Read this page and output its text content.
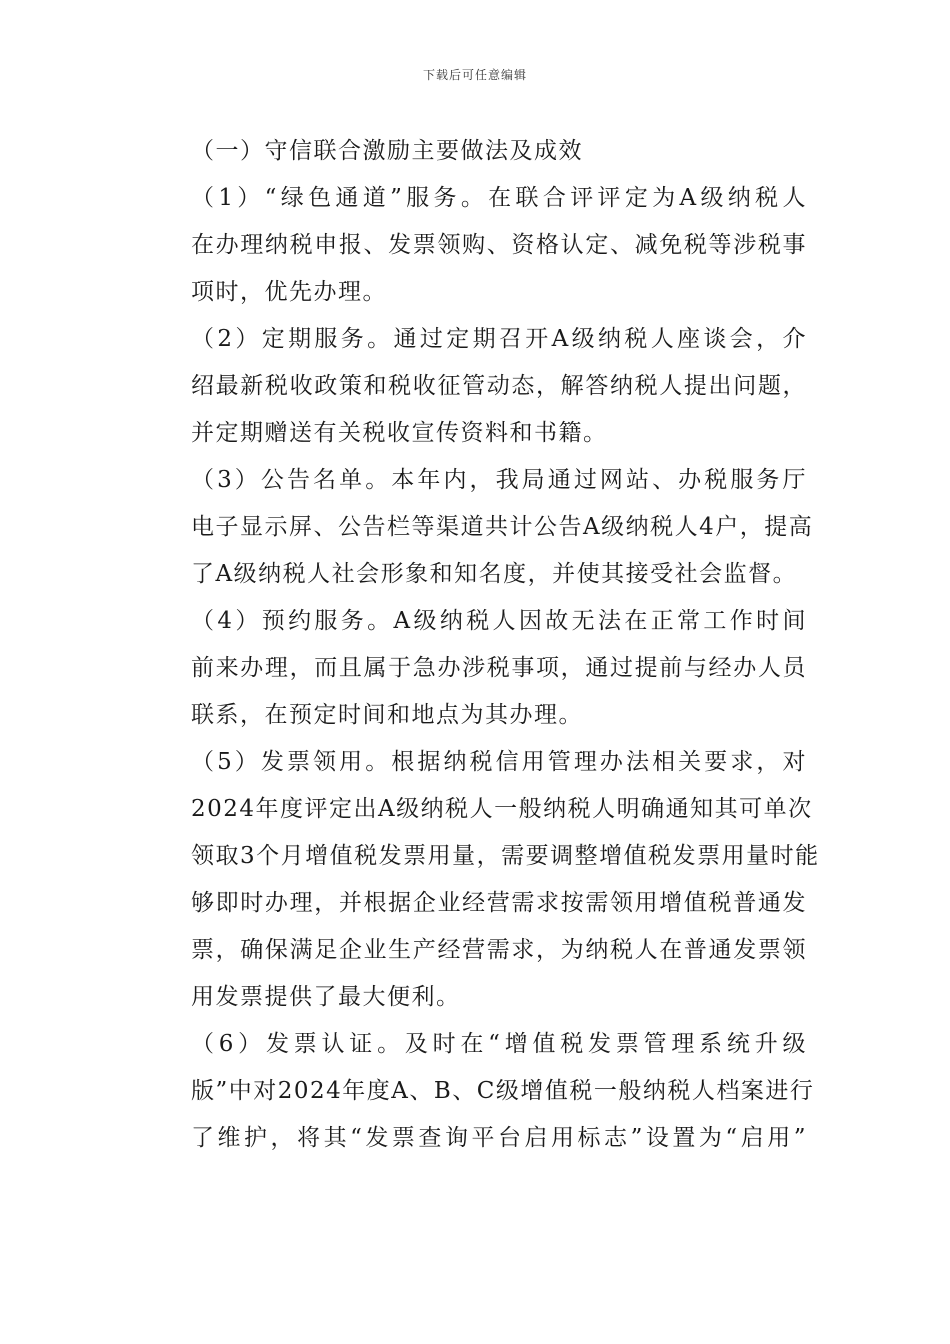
下载后可任意编辑

（一）守信联合激励主要做法及成效

（1）“绿色通道”服务。在联合评评定为A级纳税人
在办理纳税申报、发票领购、资格认定、减免税等涉税事
项时，优先办理。

（2）定期服务。通过定期召开A级纳税人座谈会，介
绍最新税收政策和税收征管动态，解答纳税人提出问题，
并定期赠送有关税收宣传资料和书籍。

（3）公告名单。本年内，我局通过网站、办税服务厅
电子显示屏、公告栏等渠道共计公告A级纳税人4户，提高
了A级纳税人社会形象和知名度，并使其接受社会监督。

（4）预约服务。A级纳税人因故无法在正常工作时间
前来办理，而且属于急办涉税事项，通过提前与经办人员
联系，在预定时间和地点为其办理。

（5）发票领用。根据纳税信用管理办法相关要求，对
2024年度评定出A级纳税人一般纳税人明确通知其可单次
领取3个月增值税发票用量，需要调整增值税发票用量时能
够即时办理，并根据企业经营需求按需领用增值税普通发
票，确保满足企业生产经营需求，为纳税人在普通发票领
用发票提供了最大便利。

（6）发票认证。及时在“增值税发票管理系统升级
版”中对2024年度A、B、C级增值税一般纳税人档案进行
了维护，将其“发票查询平台启用标志”设置为“启用”
